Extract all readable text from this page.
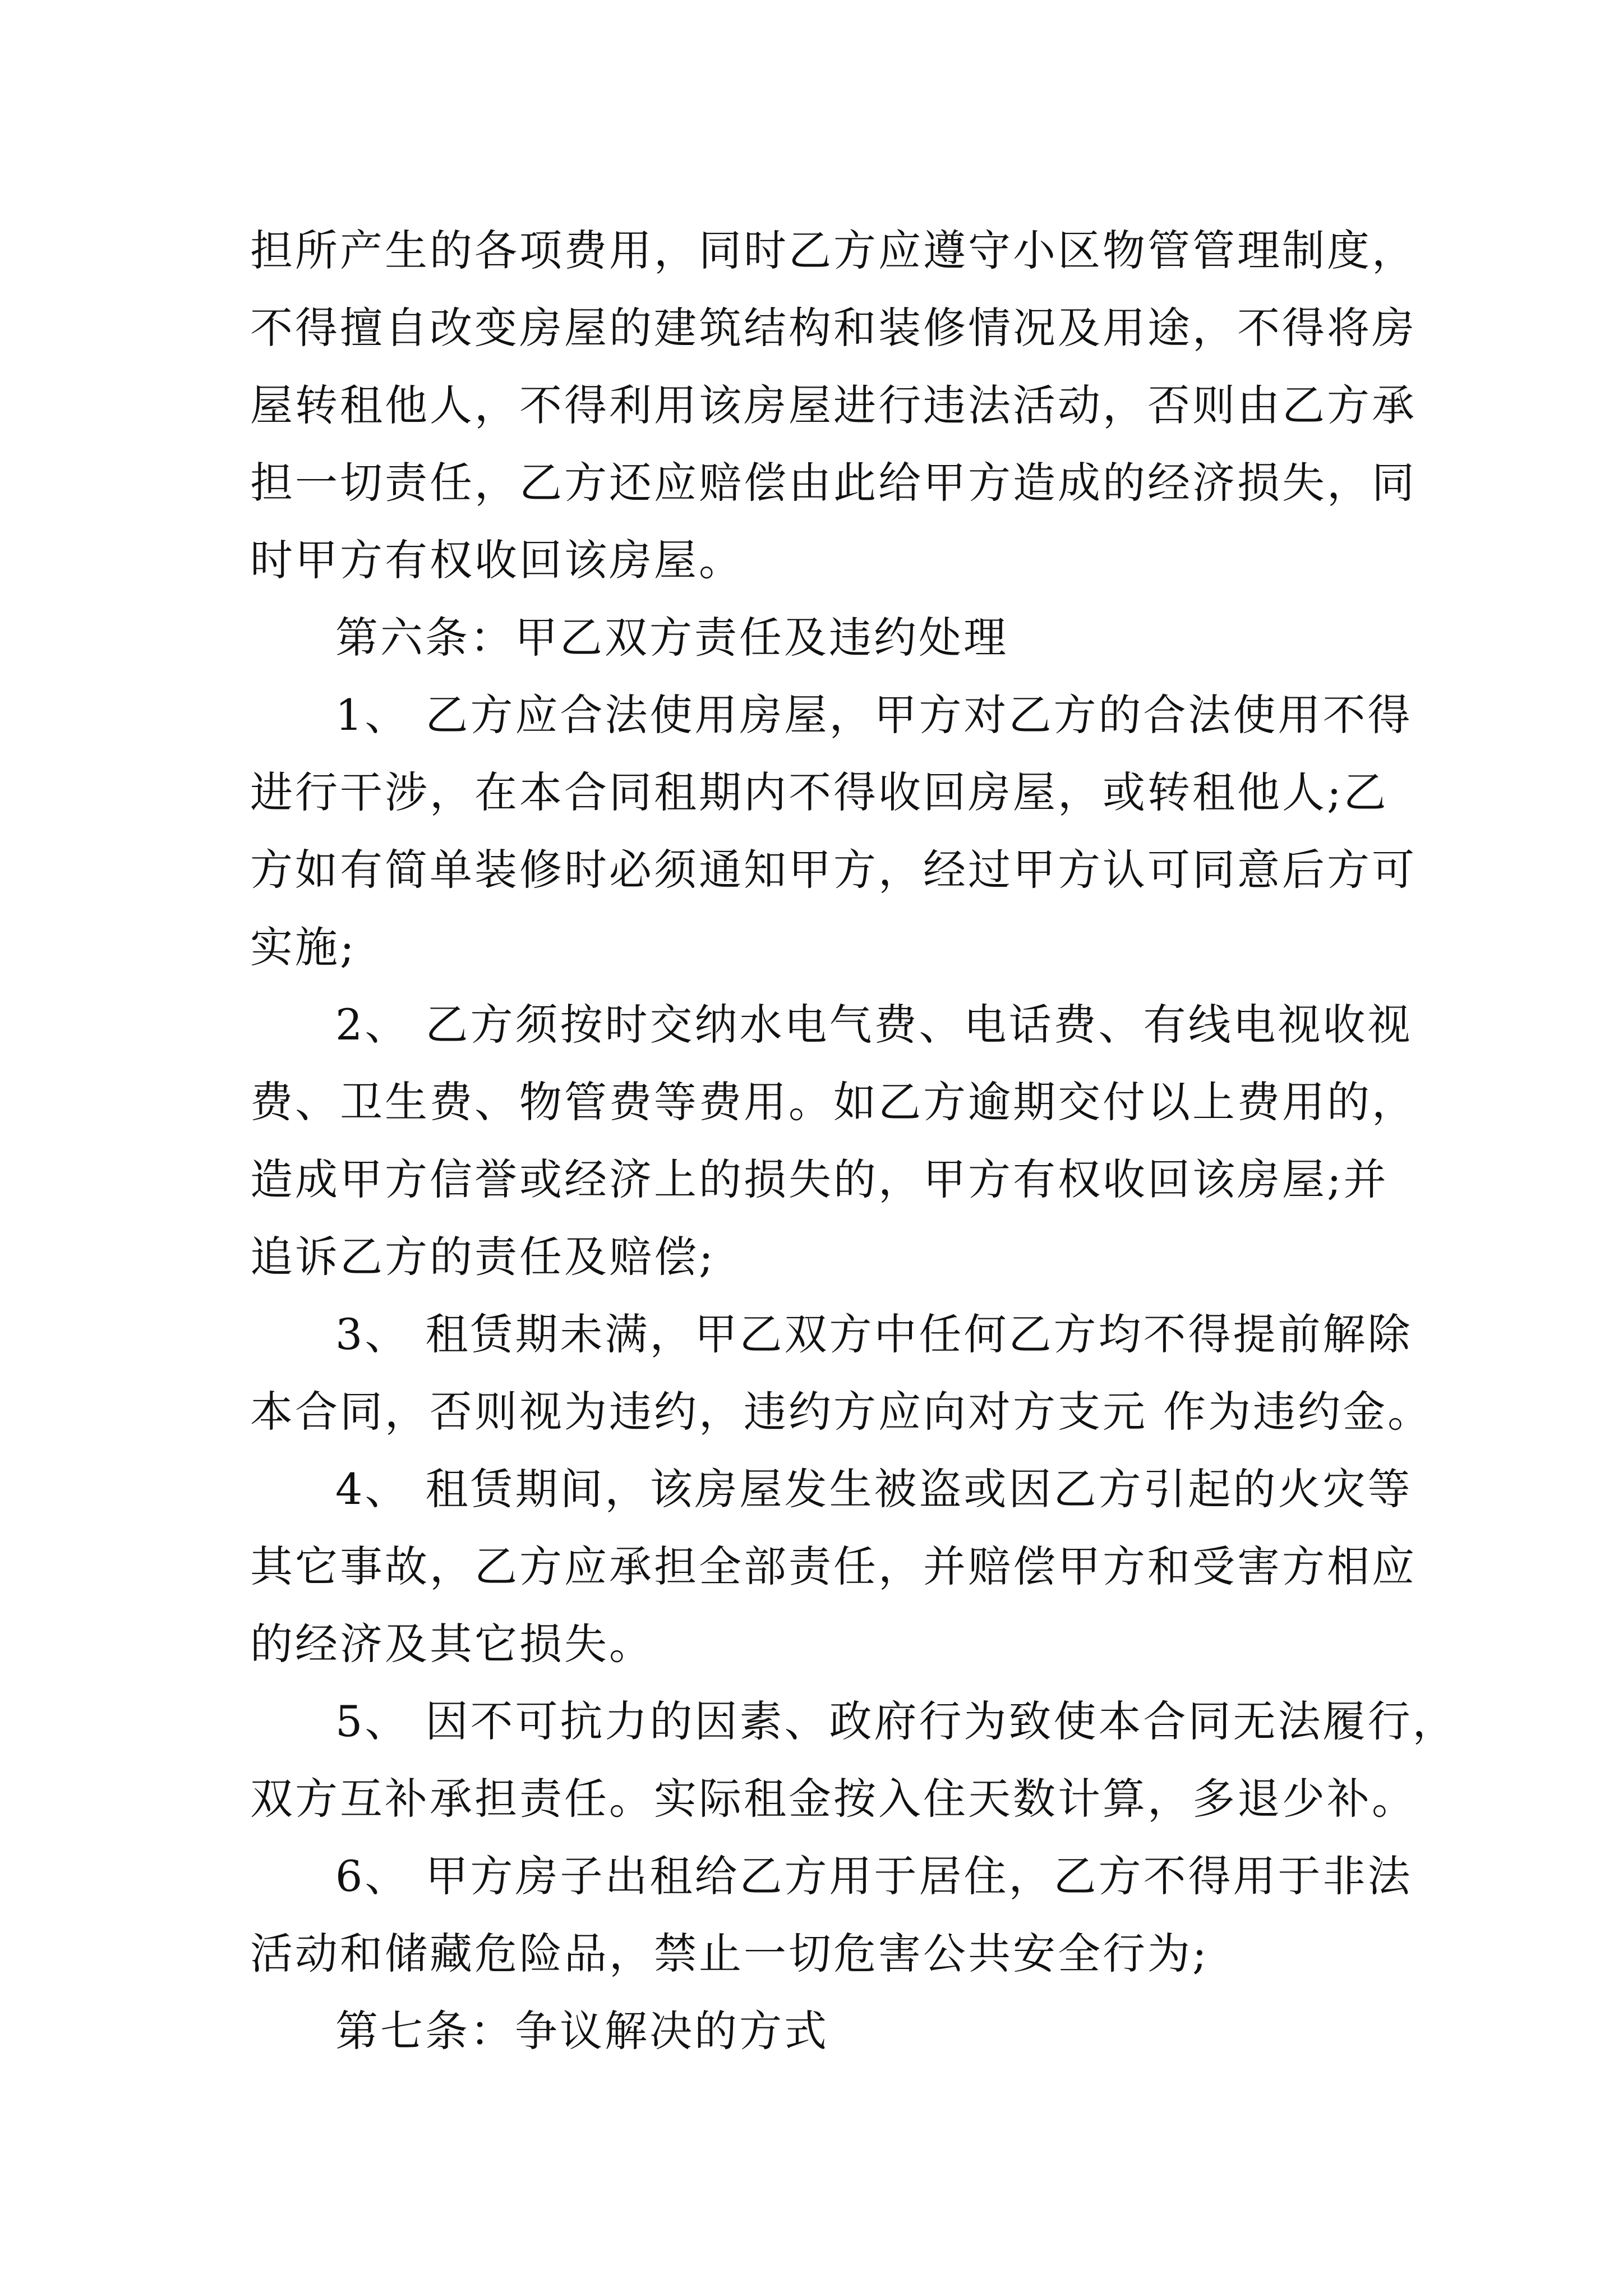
担所产生的各项费用，同时乙方应遵守小区物管管理制度，
不得擅自改变房屋的建筑结构和装修情况及用途，不得将房
屋转租他人，不得利用该房屋进行违法活动，否则由乙方承
担一切责任，乙方还应赔偿由此给甲方造成的经济损失，同
时甲方有权收回该房屋。
第六条：甲乙双方责任及违约处理
1、 乙方应合法使用房屋，甲方对乙方的合法使用不得
进行干涉，在本合同租期内不得收回房屋，或转租他人;乙
方如有简单装修时必须通知甲方，经过甲方认可同意后方可
实施;
2、 乙方须按时交纳水电气费、电话费、有线电视收视
费、卫生费、物管费等费用。如乙方逾期交付以上费用的，
造成甲方信誉或经济上的损失的，甲方有权收回该房屋;并
追诉乙方的责任及赔偿;
3、 租赁期未满，甲乙双方中任何乙方均不得提前解除
本合同，否则视为违约，违约方应向对方支元 作为违约金。
4、 租赁期间，该房屋发生被盗或因乙方引起的火灾等
其它事故，乙方应承担全部责任，并赔偿甲方和受害方相应
的经济及其它损失。
5、 因不可抗力的因素、政府行为致使本合同无法履行，
双方互补承担责任。实际租金按入住天数计算，多退少补。
6、 甲方房子出租给乙方用于居住，乙方不得用于非法
活动和储藏危险品，禁止一切危害公共安全行为;
第七条：争议解决的方式
